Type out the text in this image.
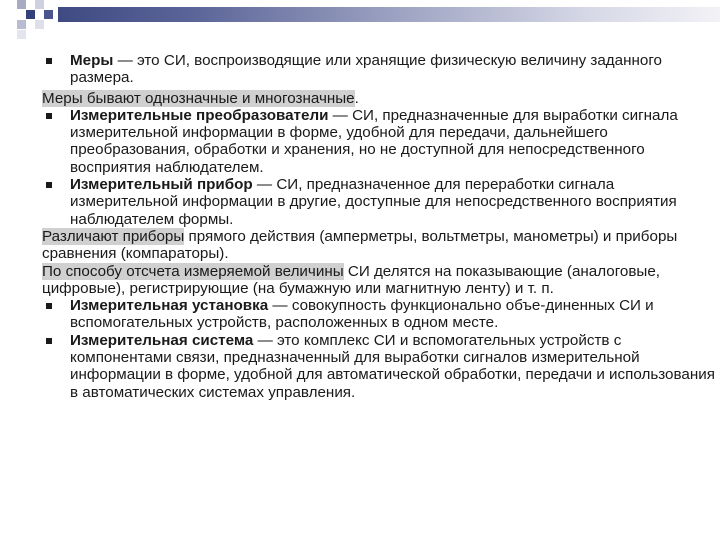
Меры — это СИ, воспроизводящие или хранящие физическую величину заданного размера.
Меры бывают однозначные и многозначные.
Измерительные преобразователи — СИ, предназначенные для выработки сигнала измерительной информации в форме, удобной для передачи, дальнейшего преобразования, обработки и хранения, но не доступной для непосредственного восприятия наблюдателем.
Измерительный прибор — СИ, предназначенное для переработки сигнала измерительной информации в другие, доступные для непосредственного восприятия наблюдателем формы.
Различают приборы прямого действия (амперметры, вольтметры, манометры) и приборы сравнения (компараторы).
По способу отсчета измеряемой величины СИ делятся на показывающие (аналоговые, цифровые), регистрирующие (на бумажную или магнитную ленту) и т. п.
Измерительная установка — совокупность функционально объе-диненных СИ и вспомогательных устройств, расположенных в одном месте.
Измерительная система — это комплекс СИ и вспомогательных устройств с компонентами связи, предназначенный для выработки сигналов измерительной информации в форме, удобной для автоматической обработки, передачи и использования в автоматических системах управления.
